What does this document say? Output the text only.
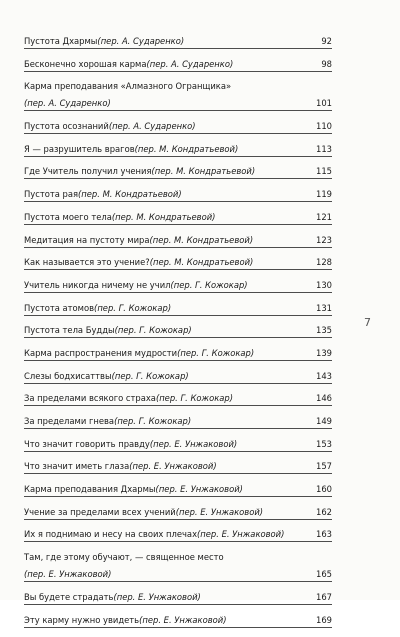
Пустота Дхармы (пер. А. Сударенко)	92
Бесконечно хорошая карма (пер. А. Сударенко)	98
Карма преподавания «Алмазного Огранщика»
(пер. А. Сударенко)	101
Пустота осознаний (пер. А. Сударенко)	110
Я — разрушитель врагов (пер. М. Кондратьевой)	113
Где Учитель получил учения (пер. М. Кондратьевой)	115
Пустота рая (пер. М. Кондратьевой)	119
Пустота моего тела (пер. М. Кондратьевой)	121
Медитация на пустоту мира (пер. М. Кондратьевой)	123
Как называется это учение? (пер. М. Кондратьевой)	128
Учитель никогда ничему не учил (пер. Г. Кожокар)	130
Пустота атомов (пер. Г. Кожокар)	131
Пустота тела Будды (пер. Г. Кожокар)	135
Карма распространения мудрости (пер. Г. Кожокар)	139
Слезы бодхисаттвы (пер. Г. Кожокар)	143
За пределами всякого страха (пер. Г. Кожокар)	146
За пределами гнева (пер. Г. Кожокар)	149
Что значит говорить правду (пер. Е. Унжаковой)	153
Что значит иметь глаза (пер. Е. Унжаковой)	157
Карма преподавания Дхармы (пер. Е. Унжаковой)	160
Учение за пределами всех учений (пер. Е. Унжаковой)	162
Их я поднимаю и несу на своих плечах (пер. Е. Унжаковой)	163
Там, где этому обучают, — священное место
(пер. Е. Унжаковой)	165
Вы будете страдать (пер. Е. Унжаковой)	167
Эту карму нужно увидеть (пер. Е. Унжаковой)	169
7
